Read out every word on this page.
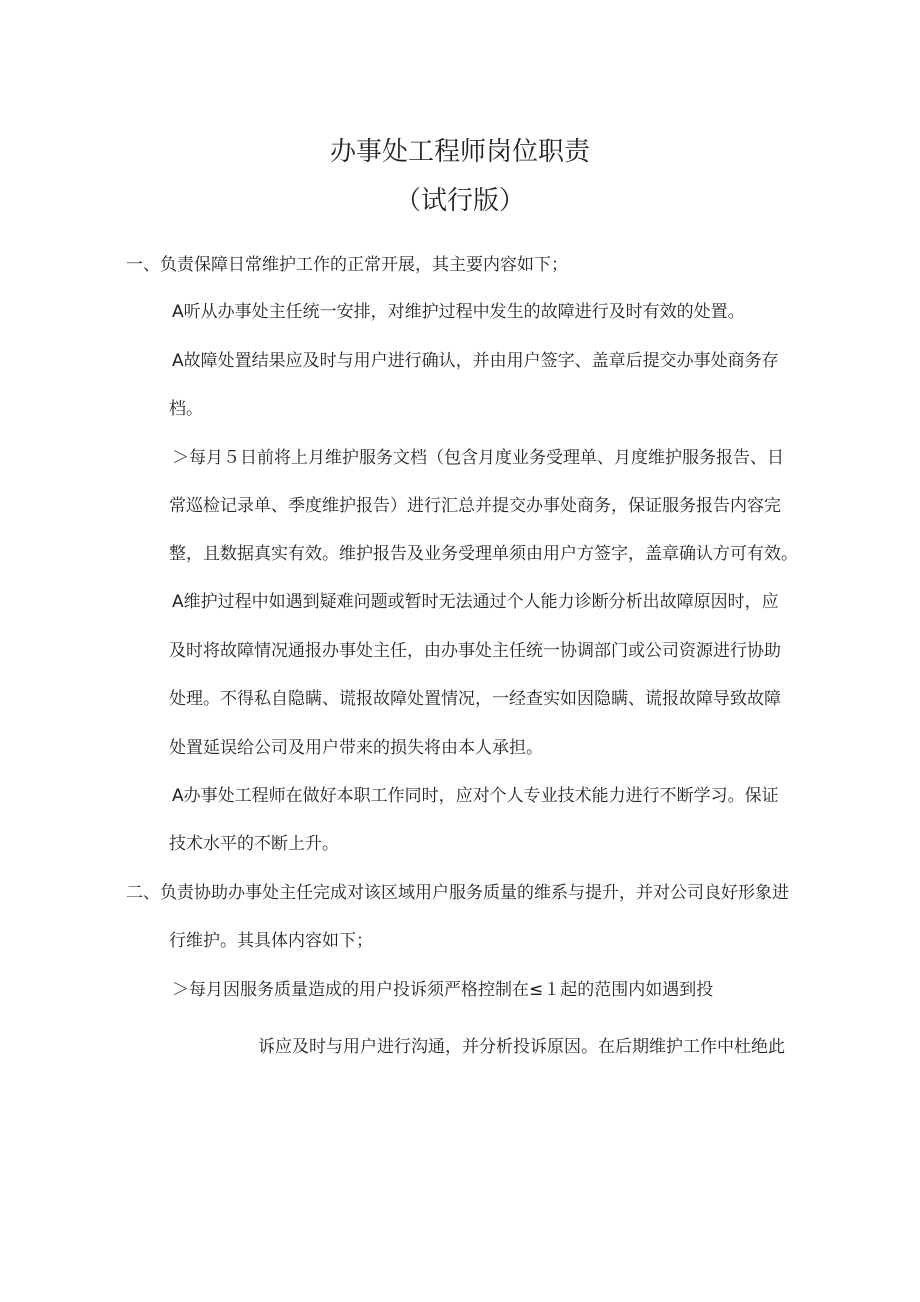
办事处工程师岗位职责
（试行版）
一、负责保障日常维护工作的正常开展，其主要内容如下；
A听从办事处主任统一安排，对维护过程中发生的故障进行及时有效的处置。
A故障处置结果应及时与用户进行确认，并由用户签字、盖章后提交办事处商务存
档。
＞每月５日前将上月维护服务文档（包含月度业务受理单、月度维护服务报告、日
常巡检记录单、季度维护报告）进行汇总并提交办事处商务，保证服务报告内容完
整，且数据真实有效。维护报告及业务受理单须由用户方签字，盖章确认方可有效。
A维护过程中如遇到疑难问题或暂时无法通过个人能力诊断分析出故障原因时，应
及时将故障情况通报办事处主任，由办事处主任统一协调部门或公司资源进行协助
处理。不得私自隐瞒、谎报故障处置情况，一经查实如因隐瞒、谎报故障导致故障
处置延误给公司及用户带来的损失将由本人承担。
A办事处工程师在做好本职工作同时，应对个人专业技术能力进行不断学习。保证
技术水平的不断上升。
二、负责协助办事处主任完成对该区域用户服务质量的维系与提升，并对公司良好形象进
行维护。其具体内容如下；
＞每月因服务质量造成的用户投诉须严格控制在≤１起的范围内如遇到投
诉应及时与用户进行沟通，并分析投诉原因。在后期维护工作中杜绝此
